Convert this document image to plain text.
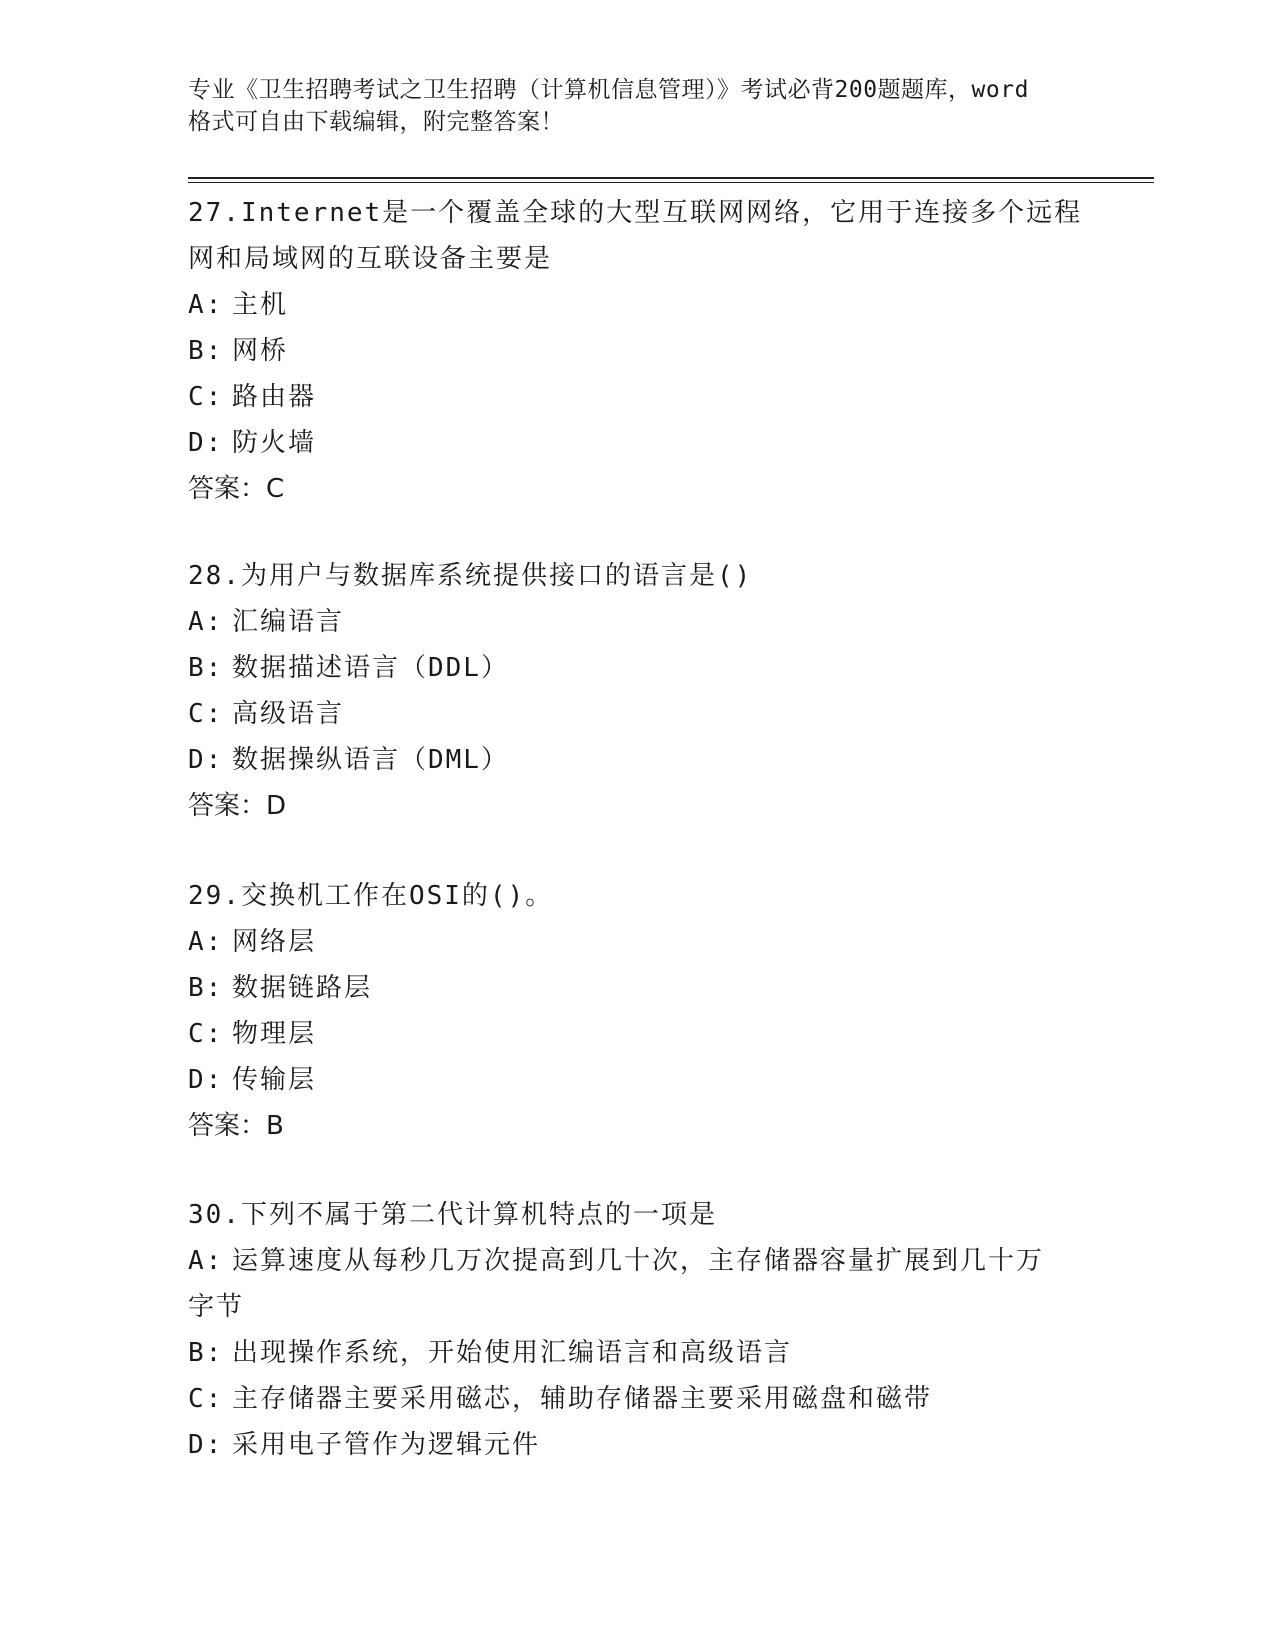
专业《卫生招聘考试之卫生招聘（计算机信息管理）》考试必背200题题库，word
格式可自由下载编辑，附完整答案！
27.Internet是一个覆盖全球的大型互联网网络，它用于连接多个远程
网和局域网的互联设备主要是
A: 主机
B: 网桥
C: 路由器
D: 防火墙
答案：C
28.为用户与数据库系统提供接口的语言是()
A: 汇编语言
B: 数据描述语言（DDL）
C: 高级语言
D: 数据操纵语言（DML）
答案：D
29.交换机工作在OSI的()。
A: 网络层
B: 数据链路层
C: 物理层
D: 传输层
答案：B
30.下列不属于第二代计算机特点的一项是
A: 运算速度从每秒几万次提高到几十次，主存储器容量扩展到几十万
字节
B: 出现操作系统，开始使用汇编语言和高级语言
C: 主存储器主要采用磁芯，辅助存储器主要采用磁盘和磁带
D: 采用电子管作为逻辑元件
